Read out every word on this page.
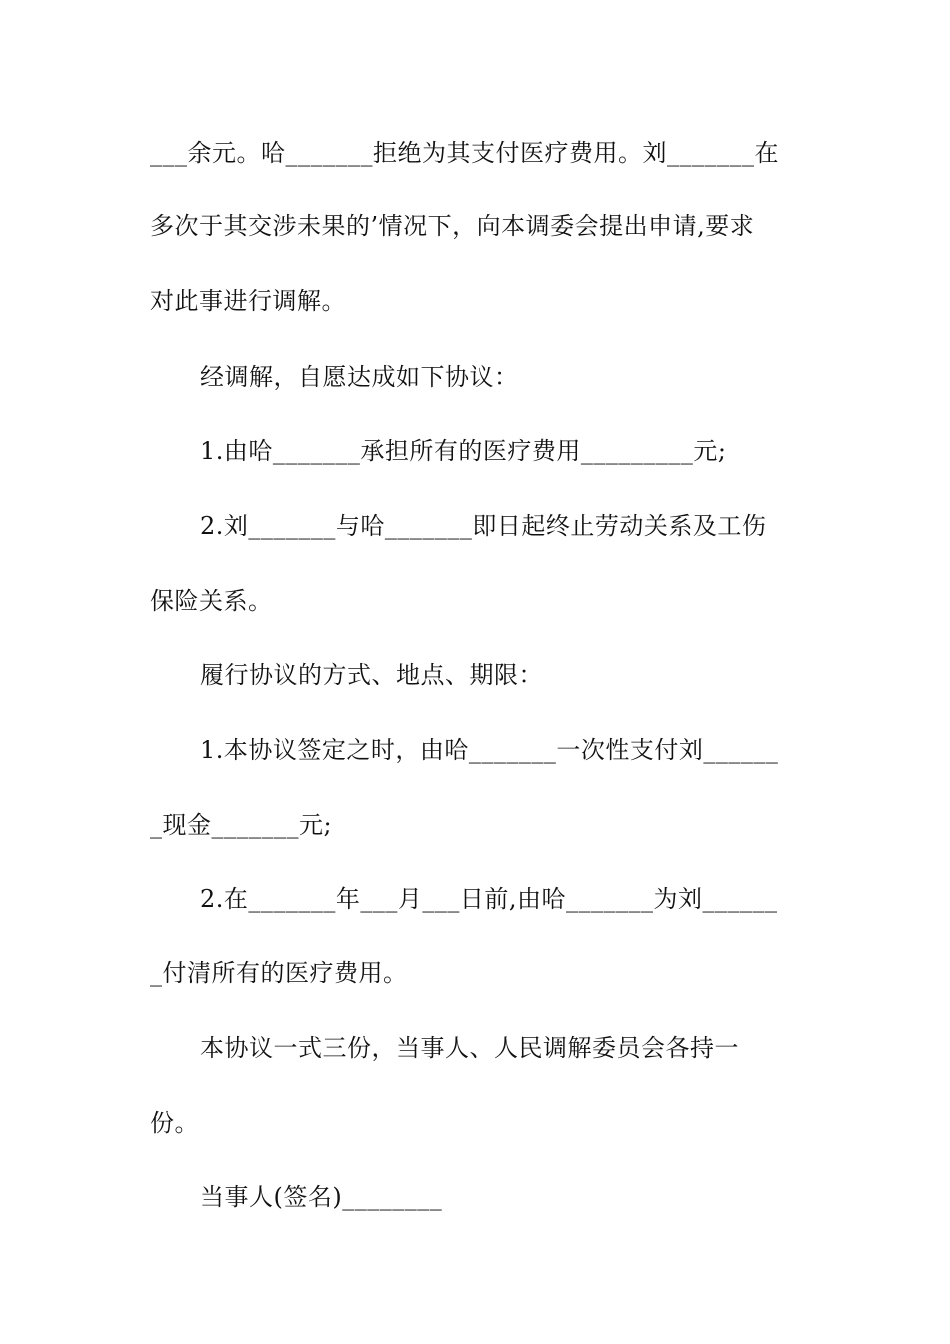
___余元。哈_______拒绝为其支付医疗费用。刘_______在
多次于其交涉未果的’情况下，向本调委会提出申请,要求
对此事进行调解。
经调解，自愿达成如下协议：
1.由哈_______承担所有的医疗费用_________元;
2.刘_______与哈_______即日起终止劳动关系及工伤
保险关系。
履行协议的方式、地点、期限：
1.本协议签定之时，由哈_______一次性支付刘______
_现金_______元;
2.在_______年___月___日前,由哈_______为刘______
_付清所有的医疗费用。
本协议一式三份，当事人、人民调解委员会各持一
份。
当事人(签名)________
